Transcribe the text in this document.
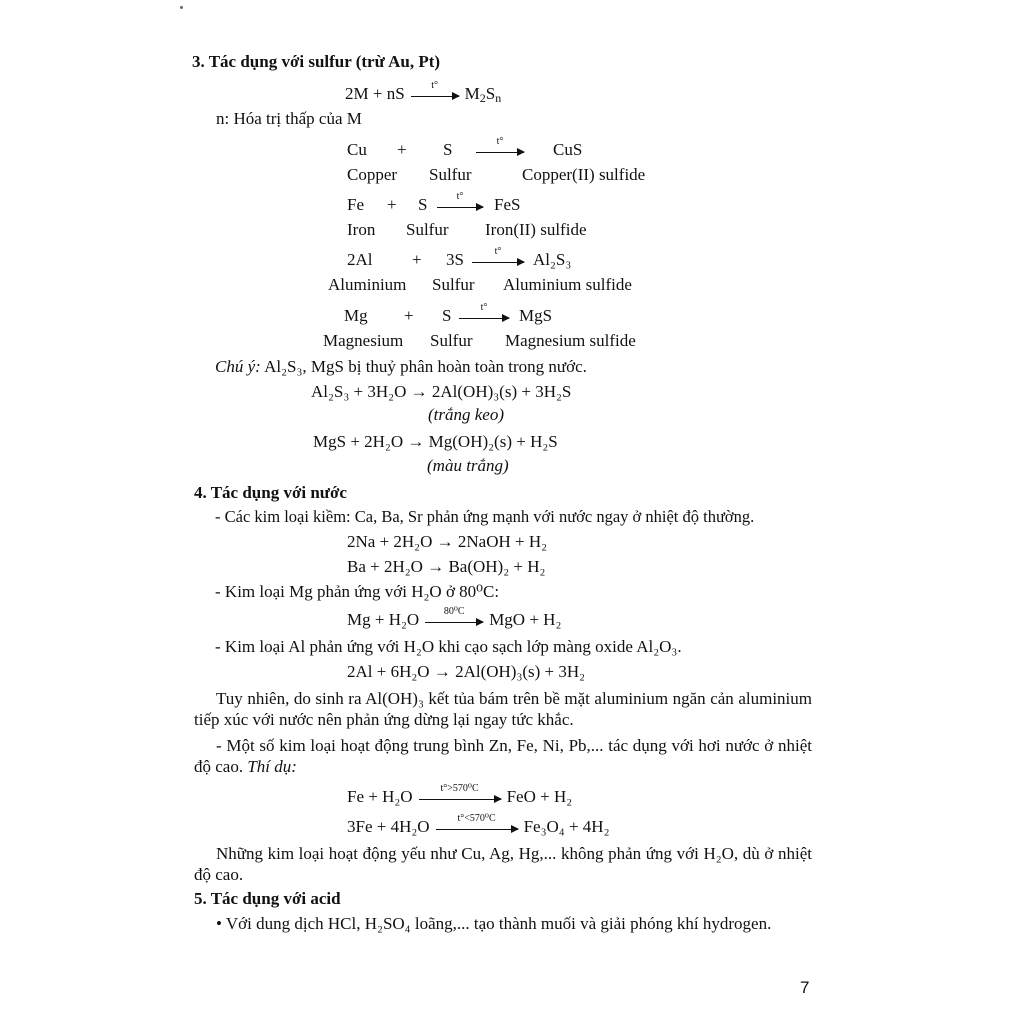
3. Tác dụng với sulfur (trừ Au, Pt)
2M + nS	t°	$M_2S_n$
n: Hóa trị thấp của M
Cu + S	t°	CuS
Copper Sulfur	Copper(II) sulfide
Fe + S	t°	FeS
Iron Sulfur Iron(II) sulfide
2Al + 3S	t°	Al₂S₃
Aluminium Sulfur Aluminium sulfide
Mg + S	t°	MgS
Magnesium Sulfur Magnesium sulfide
Chú ý: Al₂S₃, MgS bị thuỷ phân hoàn toàn trong nước.
Al₂S₃ + 3H₂O → 2Al(OH)₃(s) + 3H₂S
(trắng keo)
MgS + 2H₂O → Mg(OH)₂(s) + H₂S
(màu trắng)
4. Tác dụng với nước
- Các kim loại kiềm: Ca, Ba, Sr phản ứng mạnh với nước ngay ở nhiệt độ thường.
2Na + 2H₂O → 2NaOH + H₂
Ba + 2H₂O → Ba(OH)₂ + H₂
- Kim loại Mg phản ứng với H₂O ở 80⁰C:
Mg + H₂O	80⁰C	MgO + H₂
- Kim loại Al phản ứng với H₂O khi cạo sạch lớp màng oxide Al₂O₃.
2Al + 6H₂O → 2Al(OH)₃(s) + 3H₂
Tuy nhiên, do sinh ra Al(OH)₃ kết tủa bám trên bề mặt aluminium ngăn cản aluminium tiếp xúc với nước nên phản ứng dừng lại ngay tức khắc.
- Một số kim loại hoạt động trung bình Zn, Fe, Ni, Pb,... tác dụng với hơi nước ở nhiệt độ cao. Thí dụ:
Fe + H₂O	t°>570⁰C	FeO + H₂
3Fe + 4H₂O	t°<570⁰C	Fe₃O₄ + 4H₂
Những kim loại hoạt động yếu như Cu, Ag, Hg,... không phản ứng với H₂O, dù ở nhiệt độ cao.
5. Tác dụng với acid
• Với dung dịch HCl, H₂SO₄ loãng,... tạo thành muối và giải phóng khí hydrogen.
7
